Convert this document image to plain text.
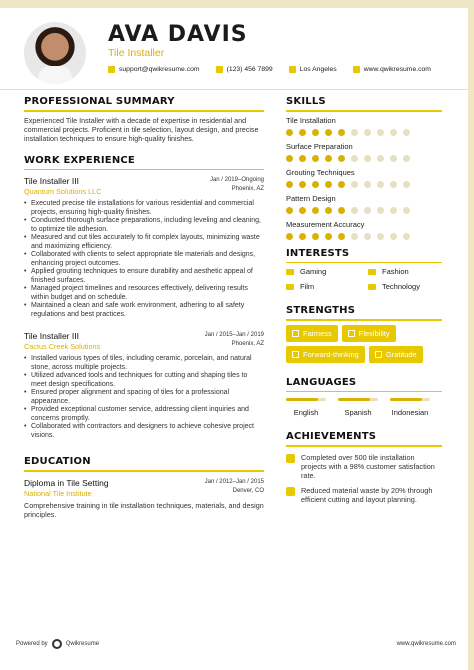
AVA DAVIS
Tile Installer
support@qwikresume.com	(123) 456 7899	Los Angeles	www.qwikresume.com
PROFESSIONAL SUMMARY

Experienced Tile Installer with a decade of expertise in residential and commercial projects. Proficient in tile selection, layout design, and precise installation techniques to ensure high-quality finishes.

WORK EXPERIENCE
Tile Installer III
Quantum Solutions LLC
Jan / 2019–Ongoing
Phoenix, AZ
• Executed precise tile installations for various residential and commercial projects, ensuring high-quality finishes.
• Conducted thorough surface preparations, including leveling and cleaning, to optimize tile adhesion.
• Measured and cut tiles accurately to fit complex layouts, minimizing waste and maximizing efficiency.
• Collaborated with clients to select appropriate tile materials and designs, enhancing project outcomes.
• Applied grouting techniques to ensure durability and aesthetic appeal of finished surfaces.
• Managed project timelines and resources effectively, delivering results within budget and on schedule.
• Maintained a clean and safe work environment, adhering to all safety regulations and best practices.
Tile Installer III
Cactus Creek Solutions
Jan / 2015–Jan / 2019
Phoenix, AZ
• Installed various types of tiles, including ceramic, porcelain, and natural stone, across multiple projects.
• Utilized advanced tools and techniques for cutting and shaping tiles to meet design specifications.
• Ensured proper alignment and spacing of tiles for a professional appearance.
• Provided exceptional customer service, addressing client inquiries and concerns promptly.
• Collaborated with contractors and designers to achieve cohesive project visions.
EDUCATION
Diploma in Tile Setting
National Tile Institute
Jan / 2012–Jan / 2015
Denver, CO

Comprehensive training in tile installation techniques, materials, and design principles.

SKILLS
Tile Installation
Surface Preparation
Grouting Techniques
Pattern Design
Measurement Accuracy
INTERESTS
Gaming	Fashion
Film	Technology
STRENGTHS
Fairness	Flexibility
Forward-thinking	Gratitude
LANGUAGES
English	Spanish	Indonesian
ACHIEVEMENTS
Completed over 500 tile installation projects with a 98% customer satisfaction rate.
Reduced material waste by 20% through efficient cutting and layout planning.
Powered by	Qwikresume	www.qwikresume.com
